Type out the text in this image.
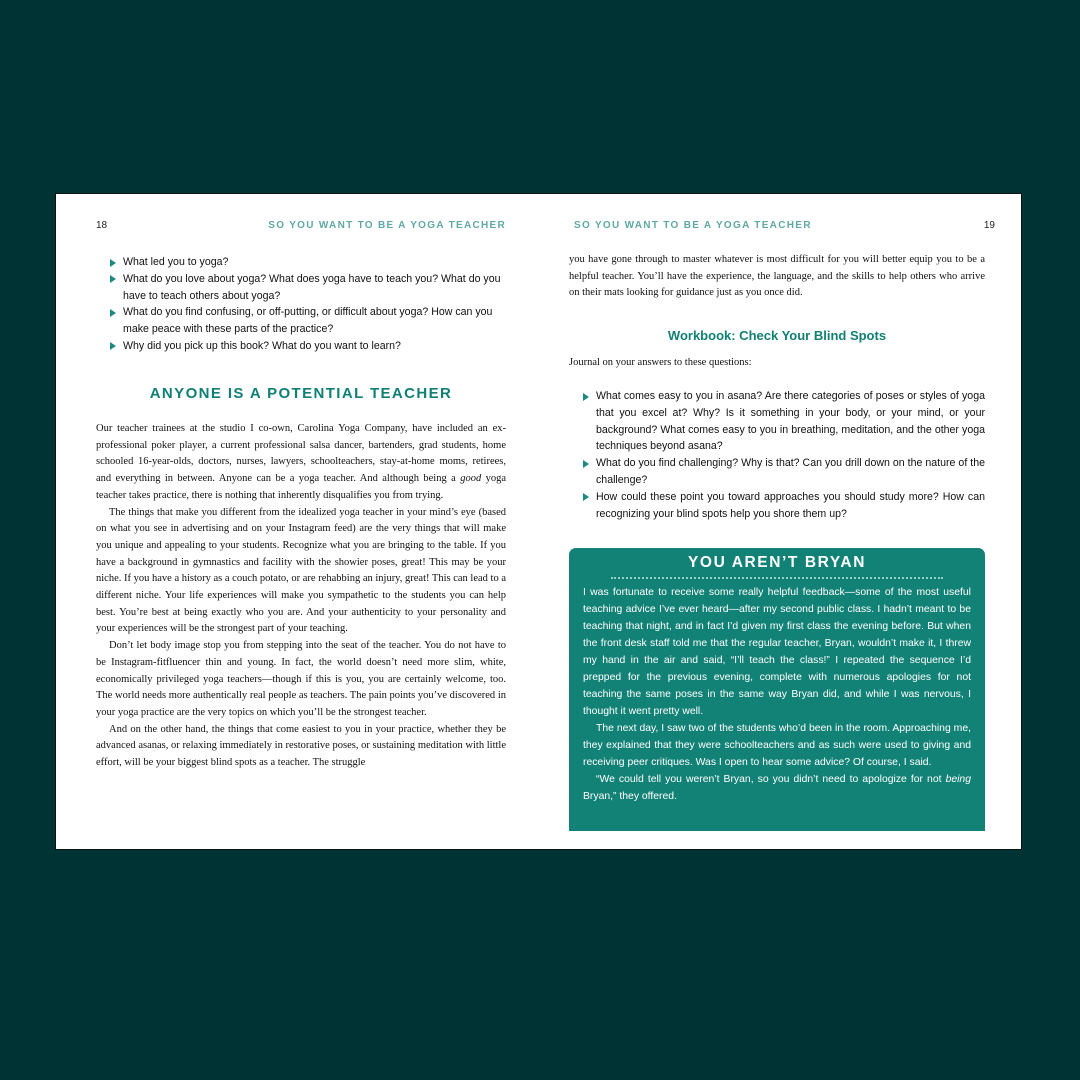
18	SO YOU WANT TO BE A YOGA TEACHER
What led you to yoga?
What do you love about yoga? What does yoga have to teach you? What do you have to teach others about yoga?
What do you find confusing, or off-putting, or difficult about yoga? How can you make peace with these parts of the practice?
Why did you pick up this book? What do you want to learn?
ANYONE IS A POTENTIAL TEACHER

Our teacher trainees at the studio I co-own, Carolina Yoga Company, have included an ex-professional poker player, a current professional salsa dancer, bartenders, grad students, home schooled 16-year-olds, doctors, nurses, lawyers, schoolteachers, stay-at-home moms, retirees, and everything in between. Anyone can be a yoga teacher. And although being a good yoga teacher takes practice, there is nothing that inherently disqualifies you from trying.

The things that make you different from the idealized yoga teacher in your mind’s eye (based on what you see in advertising and on your Instagram feed) are the very things that will make you unique and appealing to your students. Recognize what you are bringing to the table. If you have a background in gymnastics and facility with the showier poses, great! This may be your niche. If you have a history as a couch potato, or are rehabbing an injury, great! This can lead to a different niche. Your life experiences will make you sympathetic to the students you can help best. You’re best at being exactly who you are. And your authenticity to your personality and your experiences will be the strongest part of your teaching.

Don’t let body image stop you from stepping into the seat of the teacher. You do not have to be Instagram-fitfluencer thin and young. In fact, the world doesn’t need more slim, white, economically privileged yoga teachers—though if this is you, you are certainly welcome, too. The world needs more authentically real people as teachers. The pain points you’ve discovered in your yoga practice are the very topics on which you’ll be the strongest teacher.

And on the other hand, the things that come easiest to you in your practice, whether they be advanced asanas, or relaxing immediately in restorative poses, or sustaining meditation with little effort, will be your biggest blind spots as a teacher. The struggle

SO YOU WANT TO BE A YOGA TEACHER	19

you have gone through to master whatever is most difficult for you will better equip you to be a helpful teacher. You’ll have the experience, the language, and the skills to help others who arrive on their mats looking for guidance just as you once did.

Workbook: Check Your Blind Spots

Journal on your answers to these questions:

What comes easy to you in asana? Are there categories of poses or styles of yoga that you excel at? Why? Is it something in your body, or your mind, or your background? What comes easy to you in breathing, meditation, and the other yoga techniques beyond asana?
What do you find challenging? Why is that? Can you drill down on the nature of the challenge?
How could these point you toward approaches you should study more? How can recognizing your blind spots help you shore them up?
YOU AREN’T BRYAN

I was fortunate to receive some really helpful feedback—some of the most useful teaching advice I’ve ever heard—after my second public class. I hadn’t meant to be teaching that night, and in fact I’d given my first class the evening before. But when the front desk staff told me that the regular teacher, Bryan, wouldn’t make it, I threw my hand in the air and said, “I’ll teach the class!” I repeated the sequence I’d prepped for the previous evening, complete with numerous apologies for not teaching the same poses in the same way Bryan did, and while I was nervous, I thought it went pretty well.

The next day, I saw two of the students who’d been in the room. Approaching me, they explained that they were schoolteachers and as such were used to giving and receiving peer critiques. Was I open to hear some advice? Of course, I said.

“We could tell you weren’t Bryan, so you didn’t need to apologize for not being Bryan,” they offered.
